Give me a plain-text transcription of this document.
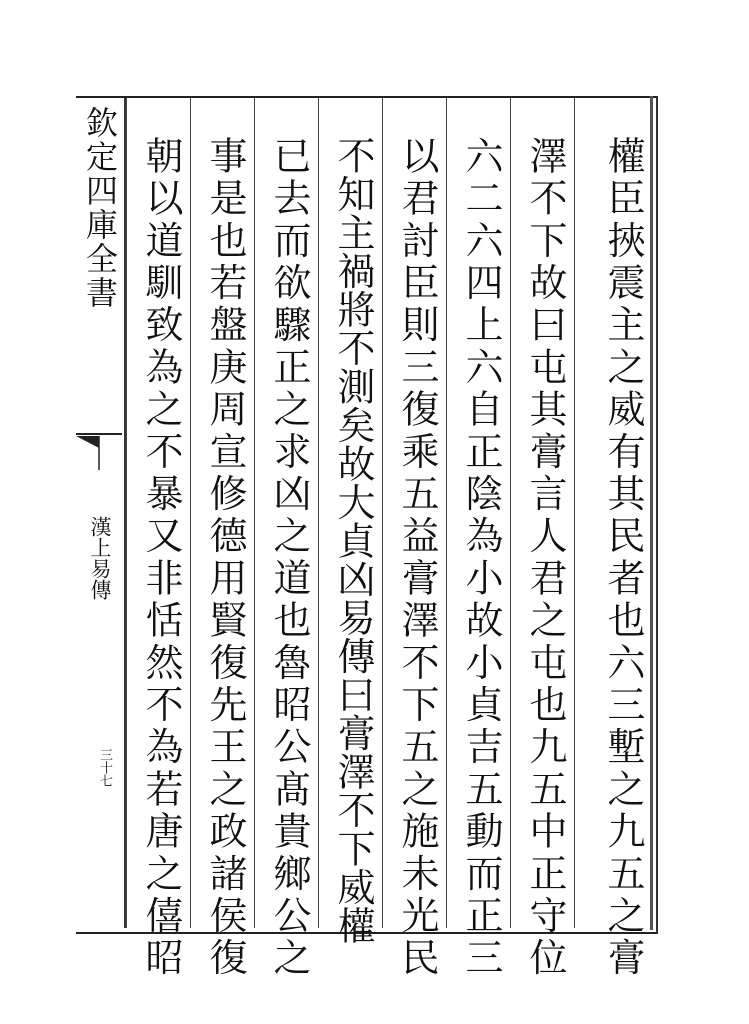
欽定四庫全書
漢上易傳
三十七	權臣挾震主之威有其民者也六三塹之九五之膏
澤不下故曰屯其膏言人君之屯也九五中正守位
六二六四上六自正陰為小故小貞吉五動而正三
以君討臣則三復乘五益膏澤不下五之施未光民
不知主禍將不測矣故大貞凶易傳曰膏澤不下威權
已去而欲驟正之求凶之道也魯昭公髙貴鄉公之
事是也若盤庚周宣修德用賢復先王之政諸侯復
朝以道馴致為之不暴又非恬然不為若唐之僖昭
